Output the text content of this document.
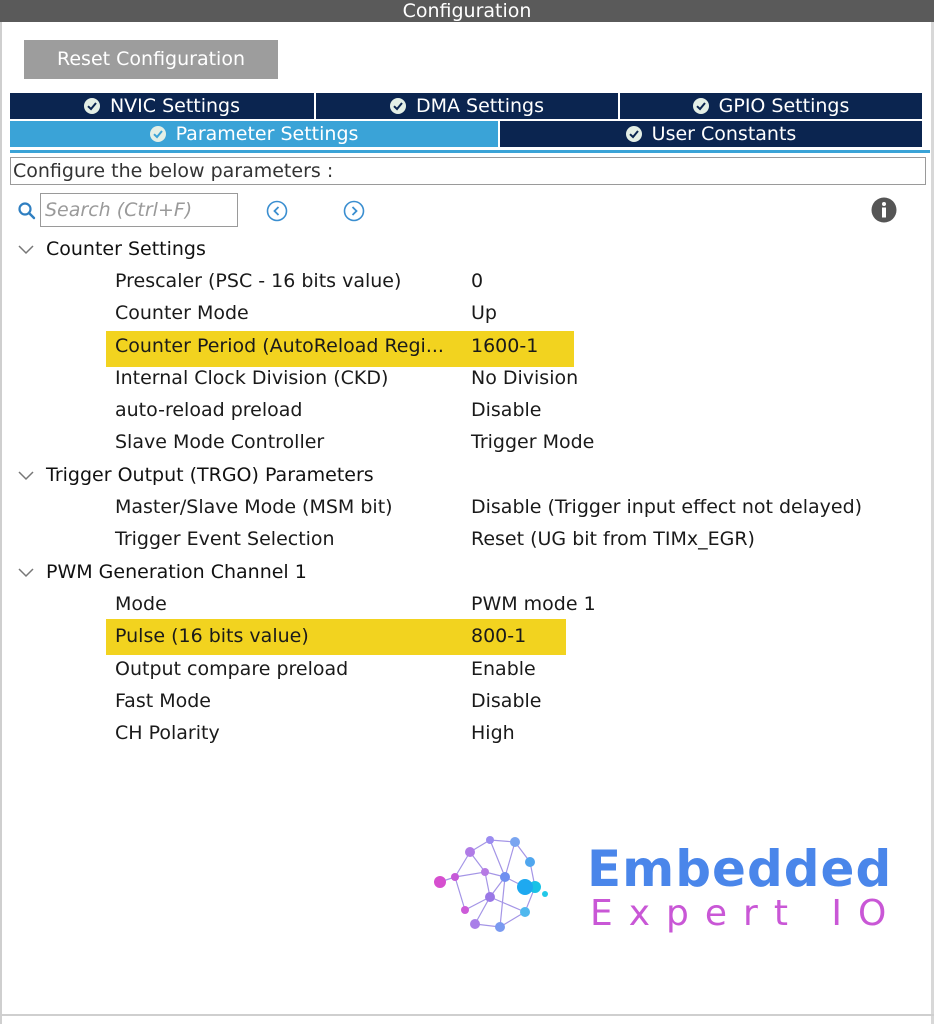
Configuration
Reset Configuration
NVIC Settings	DMA Settings	GPIO Settings
Parameter Settings	User Constants
Configure the below parameters :
Search (Ctrl+F)
Counter Settings
Prescaler (PSC - 16 bits value)	0
Counter Mode	Up
Counter Period (AutoReload Regi... 1600-1
Internal Clock Division (CKD)	No Division
auto-reload preload	Disable
Slave Mode Controller	Trigger Mode
Trigger Output (TRGO) Parameters
Master/Slave Mode (MSM bit)	Disable (Trigger input effect not delayed)
Trigger Event Selection	Reset (UG bit from TIMx_EGR)
PWM Generation Channel 1
Mode	PWM mode 1
Pulse (16 bits value)	800-1
Output compare preload	Enable
Fast Mode	Disable
CH Polarity	High
Embedded
Expert IO
